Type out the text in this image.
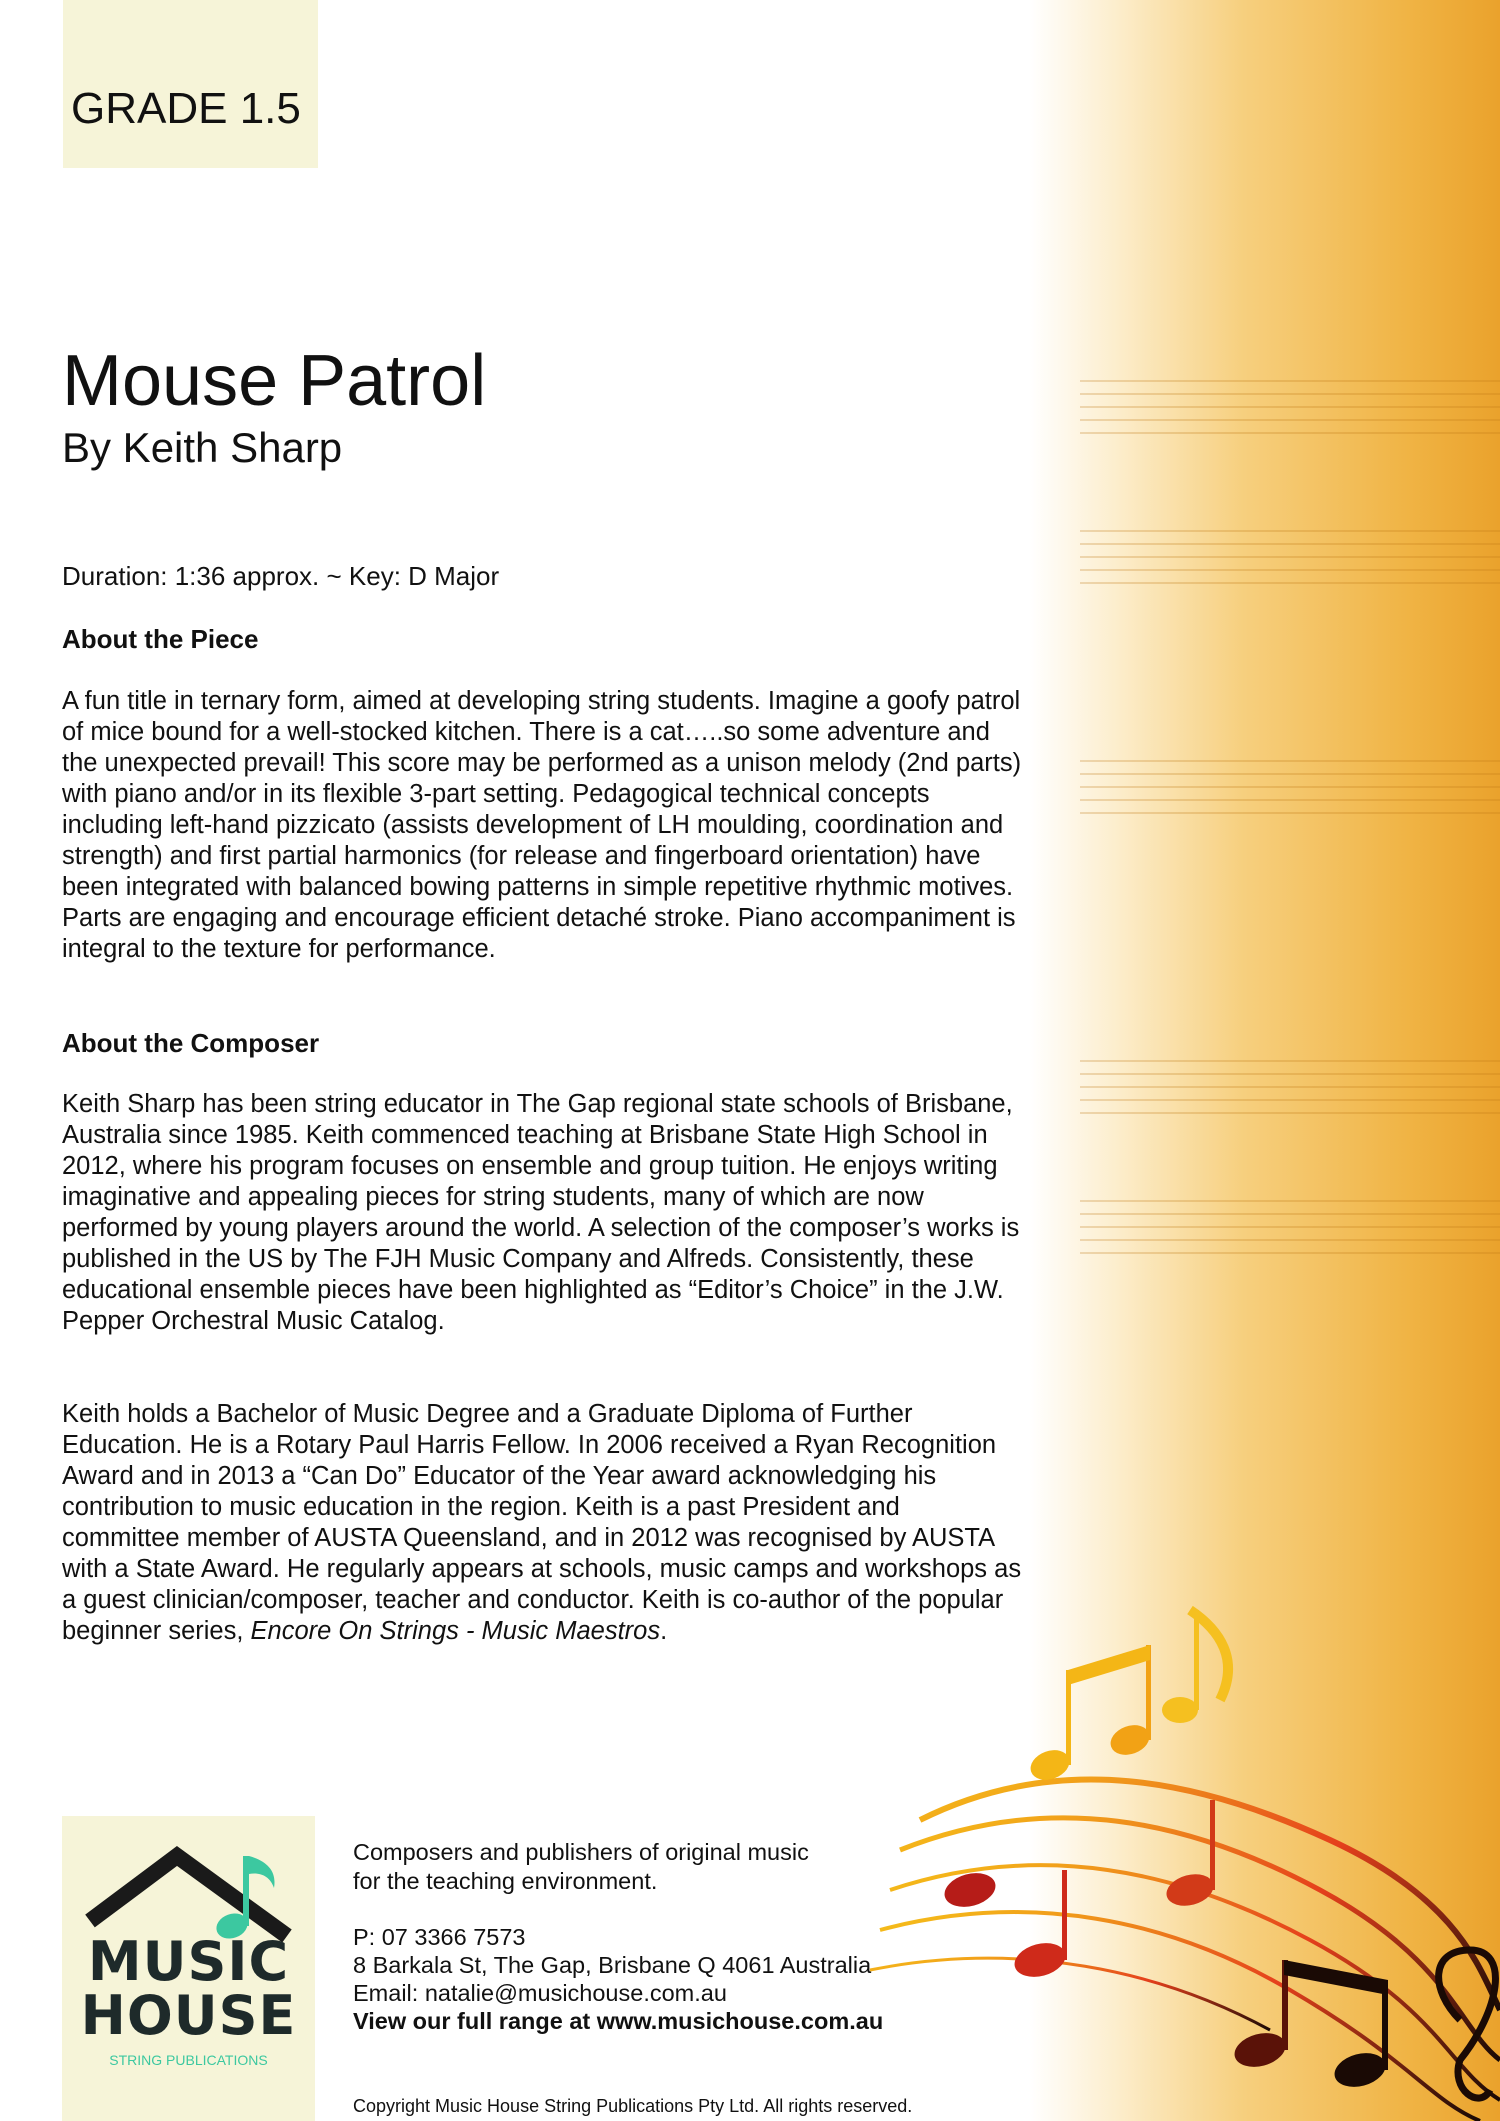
GRADE 1.5
Mouse Patrol
By Keith Sharp
Duration: 1:36 approx. ~ Key: D Major
About the Piece

A fun title in ternary form, aimed at developing string students. Imagine a goofy patrol of mice bound for a well-stocked kitchen. There is a cat…..so some adventure and the unexpected prevail! This score may be performed as a unison melody (2nd parts) with piano and/or in its flexible 3-part setting. Pedagogical technical concepts including left-hand pizzicato (assists development of LH moulding, coordination and strength) and first partial harmonics (for release and fingerboard orientation) have been integrated with balanced bowing patterns in simple repetitive rhythmic motives. Parts are engaging and encourage efficient detaché stroke. Piano accompaniment is integral to the texture for performance.

About the Composer

Keith Sharp has been string educator in The Gap regional state schools of Brisbane, Australia since 1985. Keith commenced teaching at Brisbane State High School in 2012, where his program focuses on ensemble and group tuition. He enjoys writing imaginative and appealing pieces for string students, many of which are now performed by young players around the world. A selection of the composer’s works is published in the US by The FJH Music Company and Alfreds. Consistently, these educational ensemble pieces have been highlighted as “Editor’s Choice” in the J.W. Pepper Orchestral Music Catalog.

Keith holds a Bachelor of Music Degree and a Graduate Diploma of Further Education. He is a Rotary Paul Harris Fellow. In 2006 received a Ryan Recognition Award and in 2013 a “Can Do” Educator of the Year award acknowledging his contribution to music education in the region. Keith is a past President and committee member of AUSTA Queensland, and in 2012 was recognised by AUSTA with a State Award. He regularly appears at schools, music camps and workshops as a guest clinician/composer, teacher and conductor. Keith is co-author of the popular beginner series, Encore On Strings - Music Maestros.

MUSIC
HOUSE
STRING PUBLICATIONS
Composers and publishers of original music
for the teaching environment.
P: 07 3366 7573
8 Barkala St, The Gap, Brisbane Q 4061 Australia
Email: natalie@musichouse.com.au
View our full range at www.musichouse.com.au
Copyright Music House String Publications Pty Ltd. All rights reserved.
